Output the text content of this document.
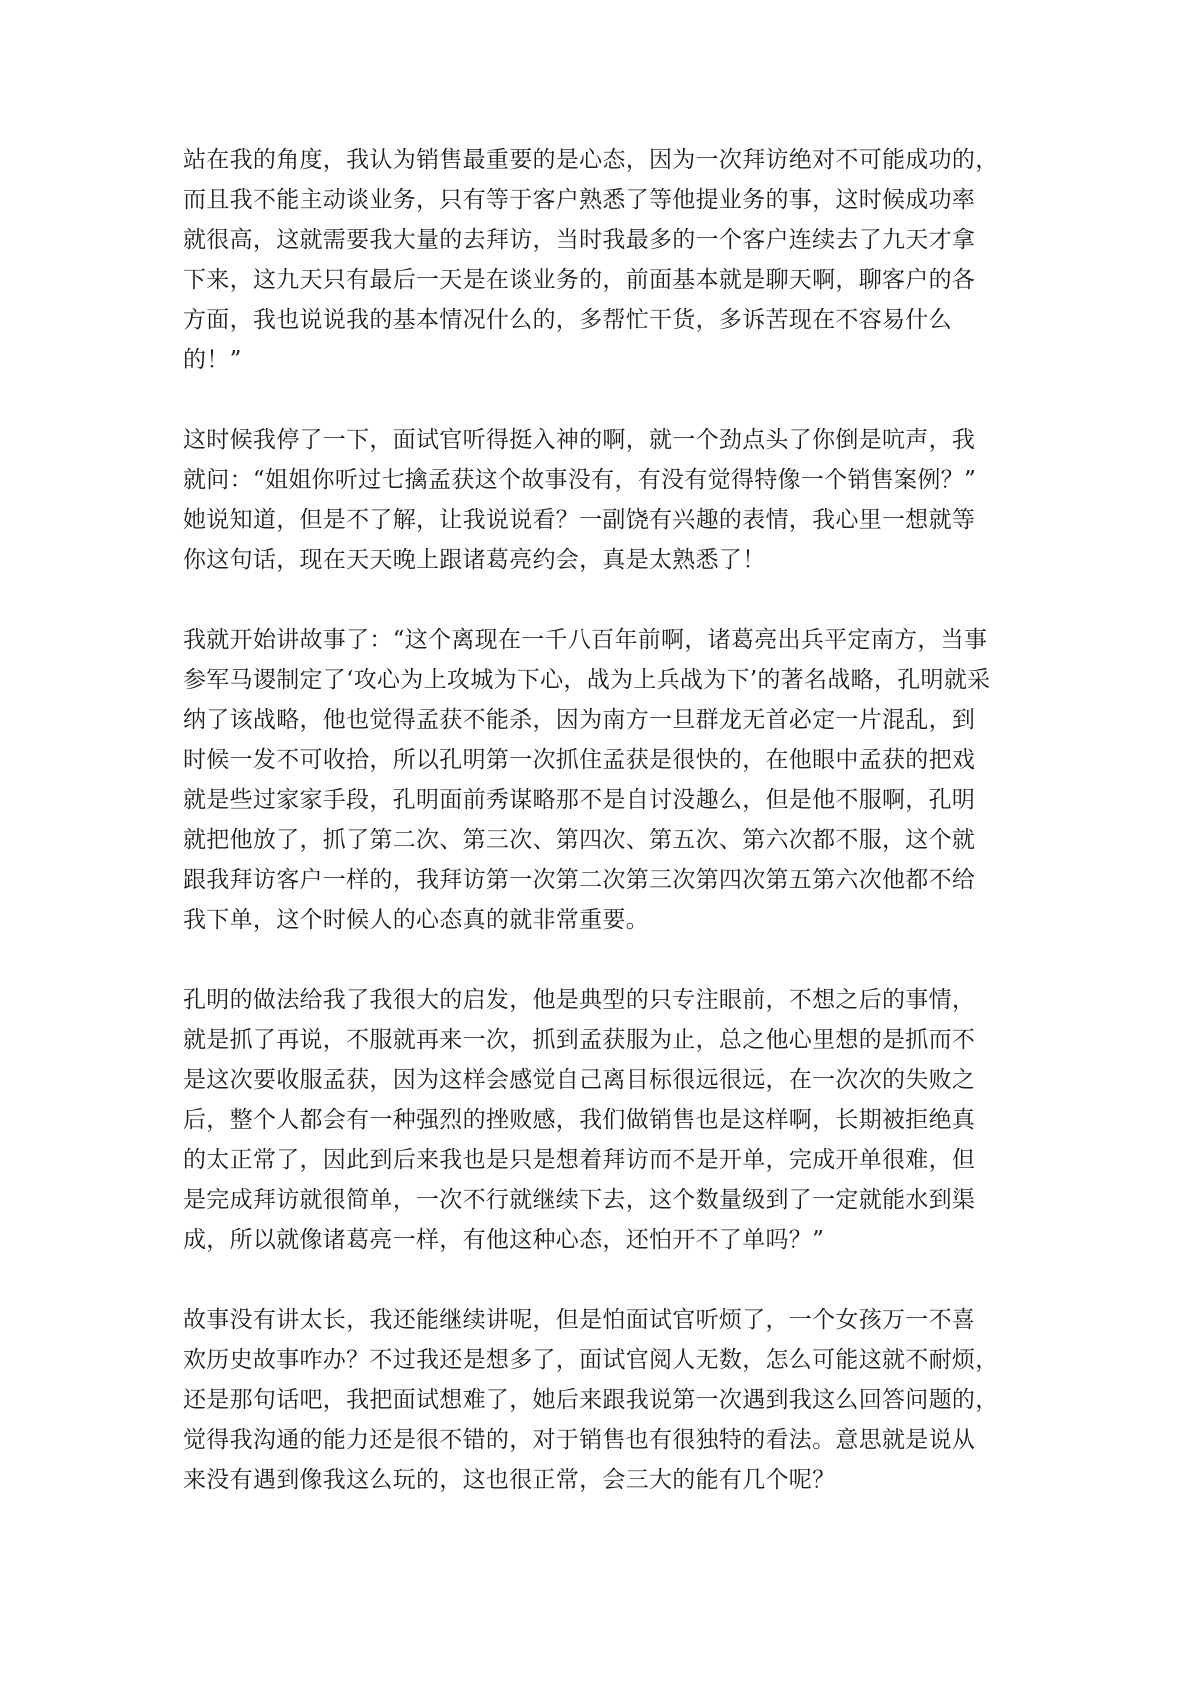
站在我的角度，我认为销售最重要的是心态，因为一次拜访绝对不可能成功的，
而且我不能主动谈业务，只有等于客户熟悉了等他提业务的事，这时候成功率
就很高，这就需要我大量的去拜访，当时我最多的一个客户连续去了九天才拿
下来，这九天只有最后一天是在谈业务的，前面基本就是聊天啊，聊客户的各
方面，我也说说我的基本情况什么的，多帮忙干货，多诉苦现在不容易什么
的！”

这时候我停了一下，面试官听得挺入神的啊，就一个劲点头了你倒是吭声，我
就问：“姐姐你听过七擒孟获这个故事没有，有没有觉得特像一个销售案例？”
她说知道，但是不了解，让我说说看？一副饶有兴趣的表情，我心里一想就等
你这句话，现在天天晚上跟诸葛亮约会，真是太熟悉了！

我就开始讲故事了：“这个离现在一千八百年前啊，诸葛亮出兵平定南方，当事
参军马谡制定了‘攻心为上攻城为下心，战为上兵战为下’的著名战略，孔明就采
纳了该战略，他也觉得孟获不能杀，因为南方一旦群龙无首必定一片混乱，到
时候一发不可收拾，所以孔明第一次抓住孟获是很快的，在他眼中孟获的把戏
就是些过家家手段，孔明面前秀谋略那不是自讨没趣么，但是他不服啊，孔明
就把他放了，抓了第二次、第三次、第四次、第五次、第六次都不服，这个就
跟我拜访客户一样的，我拜访第一次第二次第三次第四次第五第六次他都不给
我下单，这个时候人的心态真的就非常重要。

孔明的做法给我了我很大的启发，他是典型的只专注眼前，不想之后的事情，
就是抓了再说，不服就再来一次，抓到孟获服为止，总之他心里想的是抓而不
是这次要收服孟获，因为这样会感觉自己离目标很远很远，在一次次的失败之
后，整个人都会有一种强烈的挫败感，我们做销售也是这样啊，长期被拒绝真
的太正常了，因此到后来我也是只是想着拜访而不是开单，完成开单很难，但
是完成拜访就很简单，一次不行就继续下去，这个数量级到了一定就能水到渠
成，所以就像诸葛亮一样，有他这种心态，还怕开不了单吗？”

故事没有讲太长，我还能继续讲呢，但是怕面试官听烦了，一个女孩万一不喜
欢历史故事咋办？不过我还是想多了，面试官阅人无数，怎么可能这就不耐烦，
还是那句话吧，我把面试想难了，她后来跟我说第一次遇到我这么回答问题的，
觉得我沟通的能力还是很不错的，对于销售也有很独特的看法。意思就是说从
来没有遇到像我这么玩的，这也很正常，会三大的能有几个呢？
